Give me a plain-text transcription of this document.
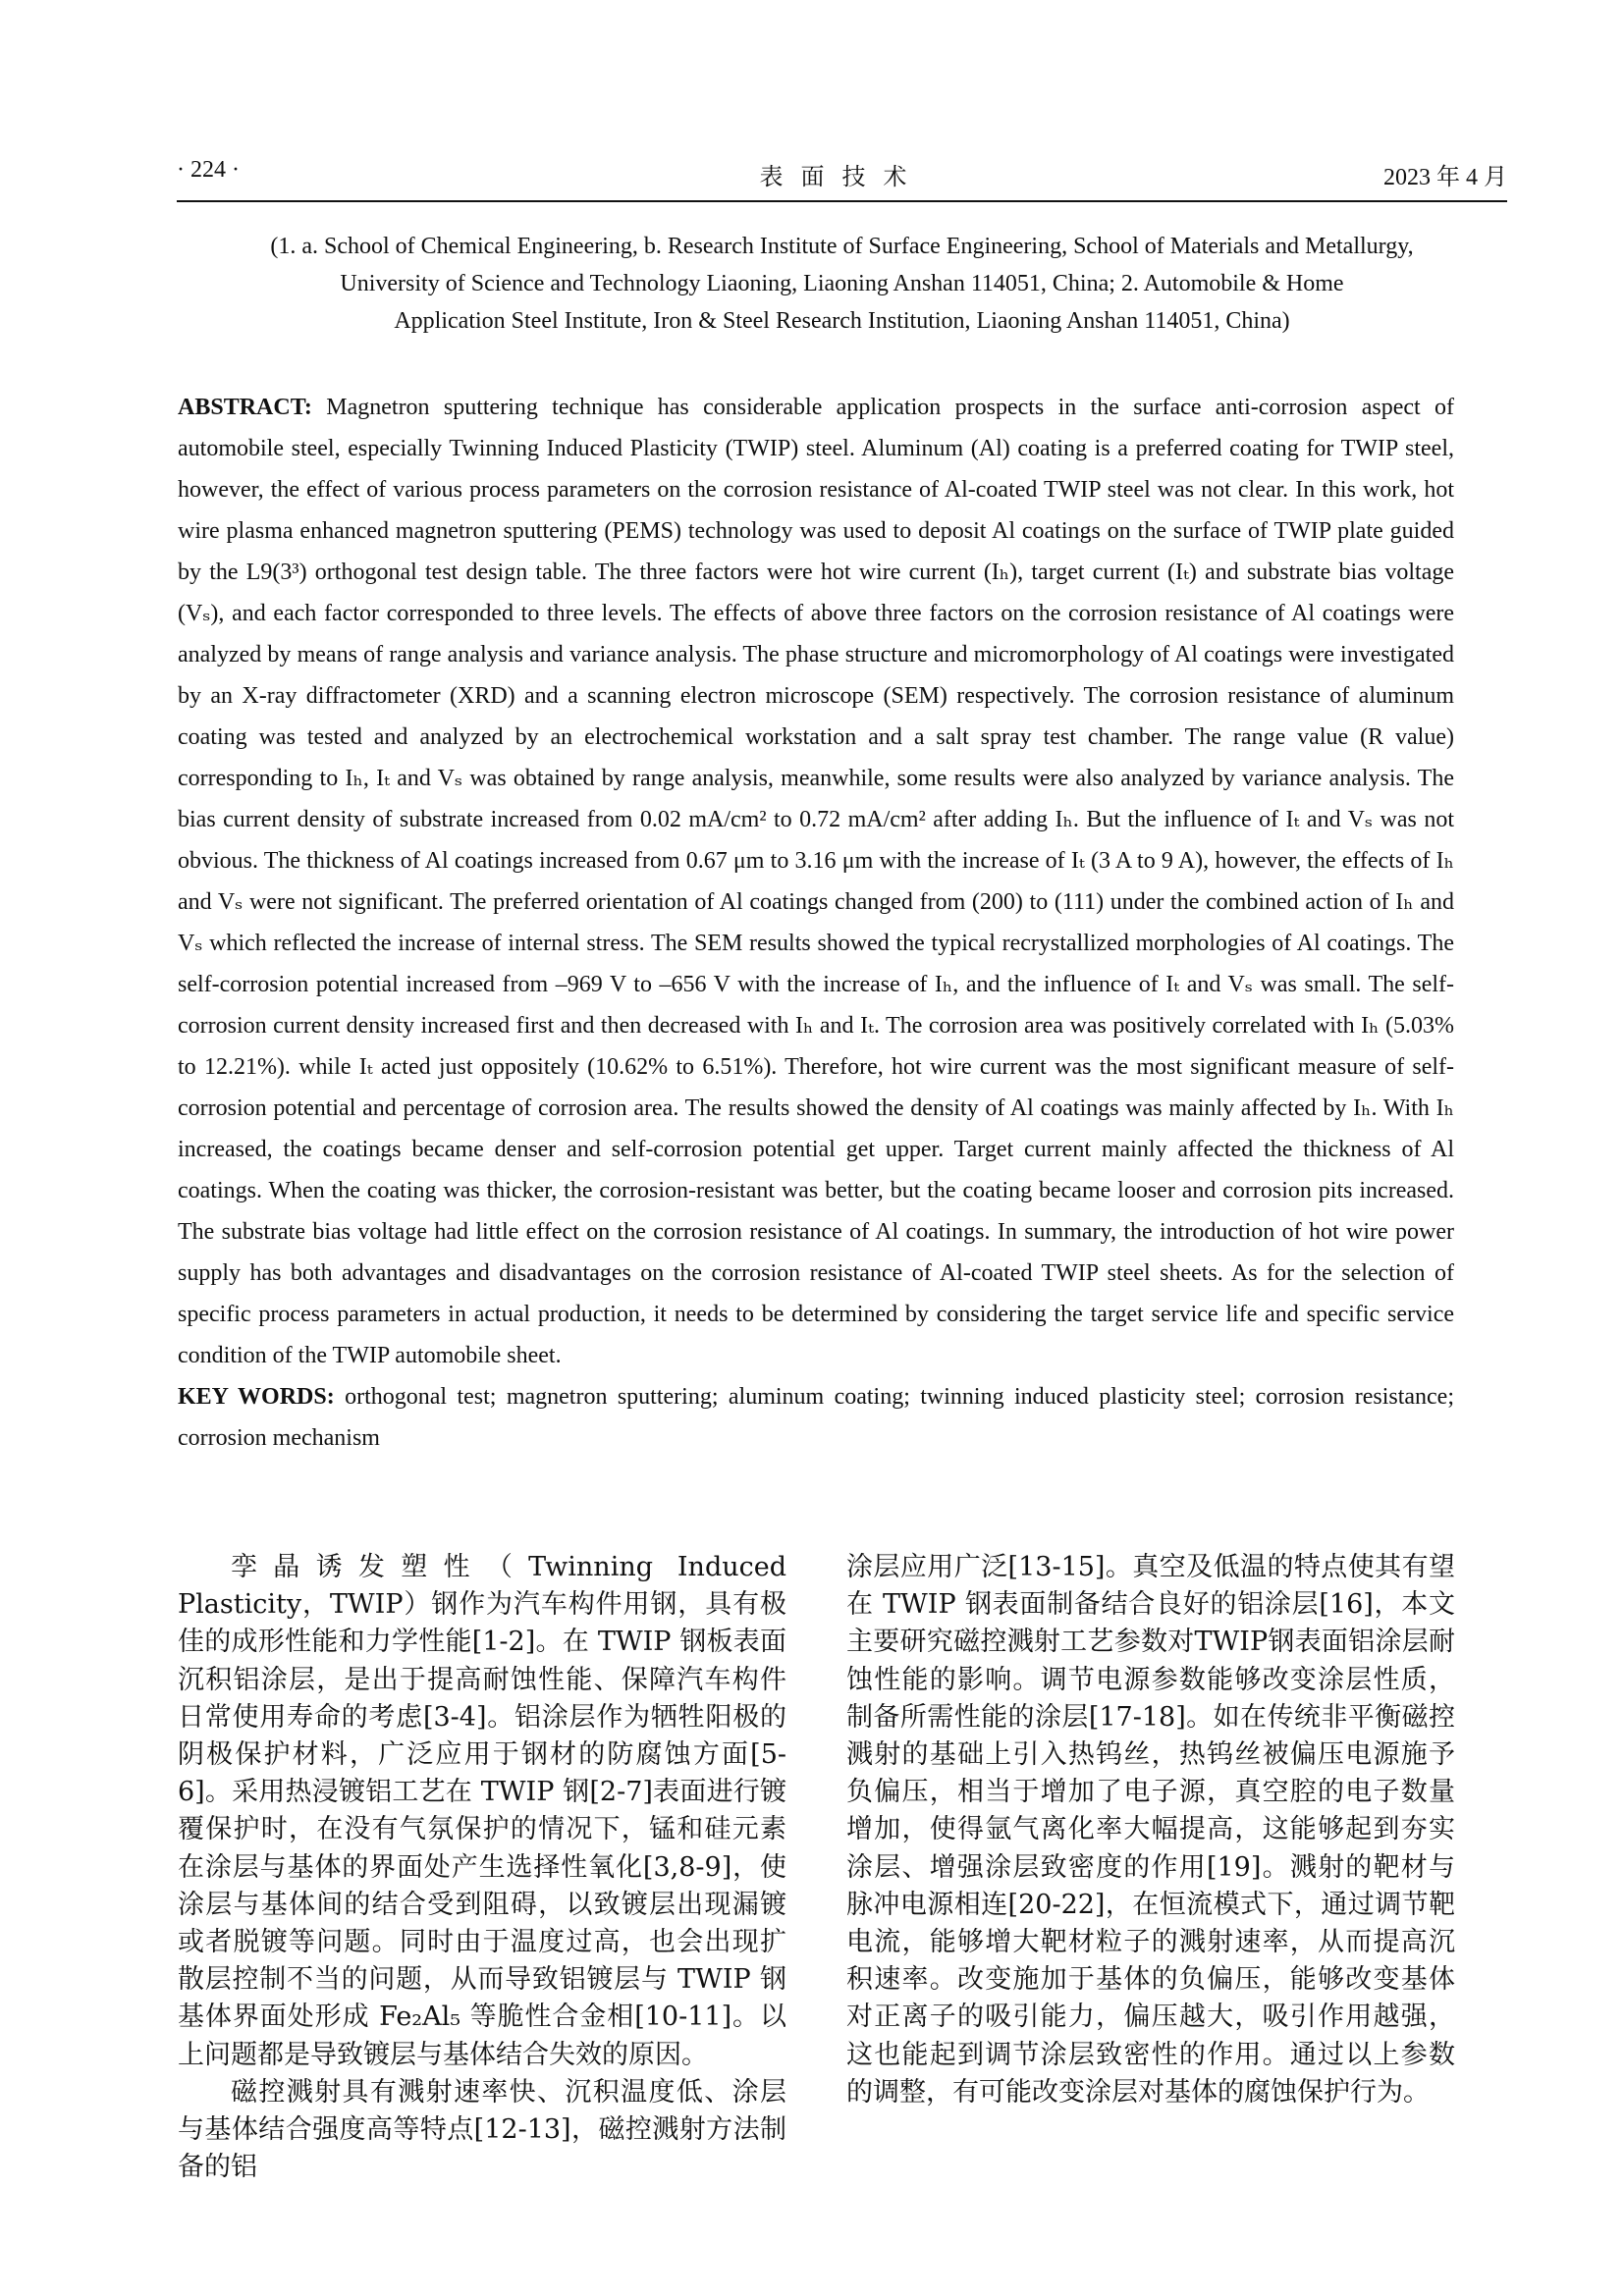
· 224 ·	表面技术	2023 年 4 月
(1. a. School of Chemical Engineering, b. Research Institute of Surface Engineering, School of Materials and Metallurgy,
University of Science and Technology Liaoning, Liaoning Anshan 114051, China; 2. Automobile & Home
Application Steel Institute, Iron & Steel Research Institution, Liaoning Anshan 114051, China)

ABSTRACT: Magnetron sputtering technique has considerable application prospects in the surface anti-corrosion aspect of automobile steel, especially Twinning Induced Plasticity (TWIP) steel. Aluminum (Al) coating is a preferred coating for TWIP steel, however, the effect of various process parameters on the corrosion resistance of Al-coated TWIP steel was not clear. In this work, hot wire plasma enhanced magnetron sputtering (PEMS) technology was used to deposit Al coatings on the surface of TWIP plate guided by the L9(3³) orthogonal test design table. The three factors were hot wire current (Iₕ), target current (Iₜ) and substrate bias voltage (Vₛ), and each factor corresponded to three levels. The effects of above three factors on the corrosion resistance of Al coatings were analyzed by means of range analysis and variance analysis. The phase structure and micromorphology of Al coatings were investigated by an X-ray diffractometer (XRD) and a scanning electron microscope (SEM) respectively. The corrosion resistance of aluminum coating was tested and analyzed by an electrochemical workstation and a salt spray test chamber. The range value (R value) corresponding to Iₕ, Iₜ and Vₛ was obtained by range analysis, meanwhile, some results were also analyzed by variance analysis. The bias current density of substrate increased from 0.02 mA/cm² to 0.72 mA/cm² after adding Iₕ. But the influence of Iₜ and Vₛ was not obvious. The thickness of Al coatings increased from 0.67 μm to 3.16 μm with the increase of Iₜ (3 A to 9 A), however, the effects of Iₕ and Vₛ were not significant. The preferred orientation of Al coatings changed from (200) to (111) under the combined action of Iₕ and Vₛ which reflected the increase of internal stress. The SEM results showed the typical recrystallized morphologies of Al coatings. The self-corrosion potential increased from –969 V to –656 V with the increase of Iₕ, and the influence of Iₜ and Vₛ was small. The self-corrosion current density increased first and then decreased with Iₕ and Iₜ. The corrosion area was positively correlated with Iₕ (5.03% to 12.21%). while Iₜ acted just oppositely (10.62% to 6.51%). Therefore, hot wire current was the most significant measure of self-corrosion potential and percentage of corrosion area. The results showed the density of Al coatings was mainly affected by Iₕ. With Iₕ increased, the coatings became denser and self-corrosion potential get upper. Target current mainly affected the thickness of Al coatings. When the coating was thicker, the corrosion-resistant was better, but the coating became looser and corrosion pits increased. The substrate bias voltage had little effect on the corrosion resistance of Al coatings. In summary, the introduction of hot wire power supply has both advantages and disadvantages on the corrosion resistance of Al-coated TWIP steel sheets. As for the selection of specific process parameters in actual production, it needs to be determined by considering the target service life and specific service condition of the TWIP automobile sheet.

KEY WORDS: orthogonal test; magnetron sputtering; aluminum coating; twinning induced plasticity steel; corrosion resistance; corrosion mechanism

孪晶诱发塑性（Twinning Induced Plasticity，TWIP）钢作为汽车构件用钢，具有极佳的成形性能和力学性能[1-2]。在 TWIP 钢板表面沉积铝涂层，是出于提高耐蚀性能、保障汽车构件日常使用寿命的考虑[3-4]。铝涂层作为牺牲阳极的阴极保护材料，广泛应用于钢材的防腐蚀方面[5-6]。采用热浸镀铝工艺在 TWIP 钢[2-7]表面进行镀覆保护时，在没有气氛保护的情况下，锰和硅元素在涂层与基体的界面处产生选择性氧化[3,8-9]，使涂层与基体间的结合受到阻碍，以致镀层出现漏镀或者脱镀等问题。同时由于温度过高，也会出现扩散层控制不当的问题，从而导致铝镀层与 TWIP 钢基体界面处形成 Fe₂Al₅ 等脆性合金相[10-11]。以上问题都是导致镀层与基体结合失效的原因。

磁控溅射具有溅射速率快、沉积温度低、涂层与基体结合强度高等特点[12-13]，磁控溅射方法制备的铝

涂层应用广泛[13-15]。真空及低温的特点使其有望在 TWIP 钢表面制备结合良好的铝涂层[16]，本文主要研究磁控溅射工艺参数对TWIP钢表面铝涂层耐蚀性能的影响。调节电源参数能够改变涂层性质，制备所需性能的涂层[17-18]。如在传统非平衡磁控溅射的基础上引入热钨丝，热钨丝被偏压电源施予负偏压，相当于增加了电子源，真空腔的电子数量增加，使得氩气离化率大幅提高，这能够起到夯实涂层、增强涂层致密度的作用[19]。溅射的靶材与脉冲电源相连[20-22]，在恒流模式下，通过调节靶电流，能够增大靶材粒子的溅射速率，从而提高沉积速率。改变施加于基体的负偏压，能够改变基体对正离子的吸引能力，偏压越大，吸引作用越强，这也能起到调节涂层致密性的作用。通过以上参数的调整，有可能改变涂层对基体的腐蚀保护行为。
